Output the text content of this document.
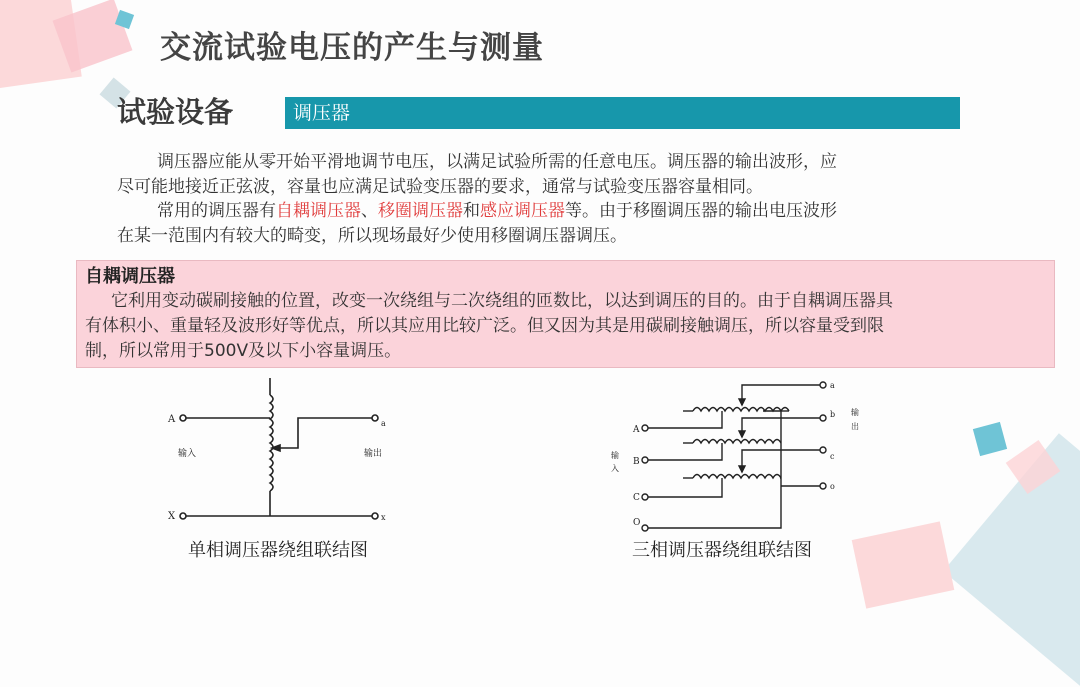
交流试验电压的产生与测量
试验设备	调压器
调压器应能从零开始平滑地调节电压，以满足试验所需的任意电压。调压器的输出波形，应
尽可能地接近正弦波，容量也应满足试验变压器的要求，通常与试验变压器容量相同。
常用的调压器有自耦调压器、移圈调压器和感应调压器等。由于移圈调压器的输出电压波形
在某一范围内有较大的畸变，所以现场最好少使用移圈调压器调压。
自耦调压器
它利用变动碳刷接触的位置，改变一次绕组与二次绕组的匝数比，以达到调压的目的。由于自耦调压器具
有体积小、重量轻及波形好等优点，所以其应用比较广泛。但又因为其是用碳刷接触调压，所以容量受到限
制，所以常用于500V及以下小容量调压。
A
X
输入	输出
a
x
A
B
C
O
输
入
输
出
a
b
c
o
单相调压器绕组联结图	三相调压器绕组联结图
